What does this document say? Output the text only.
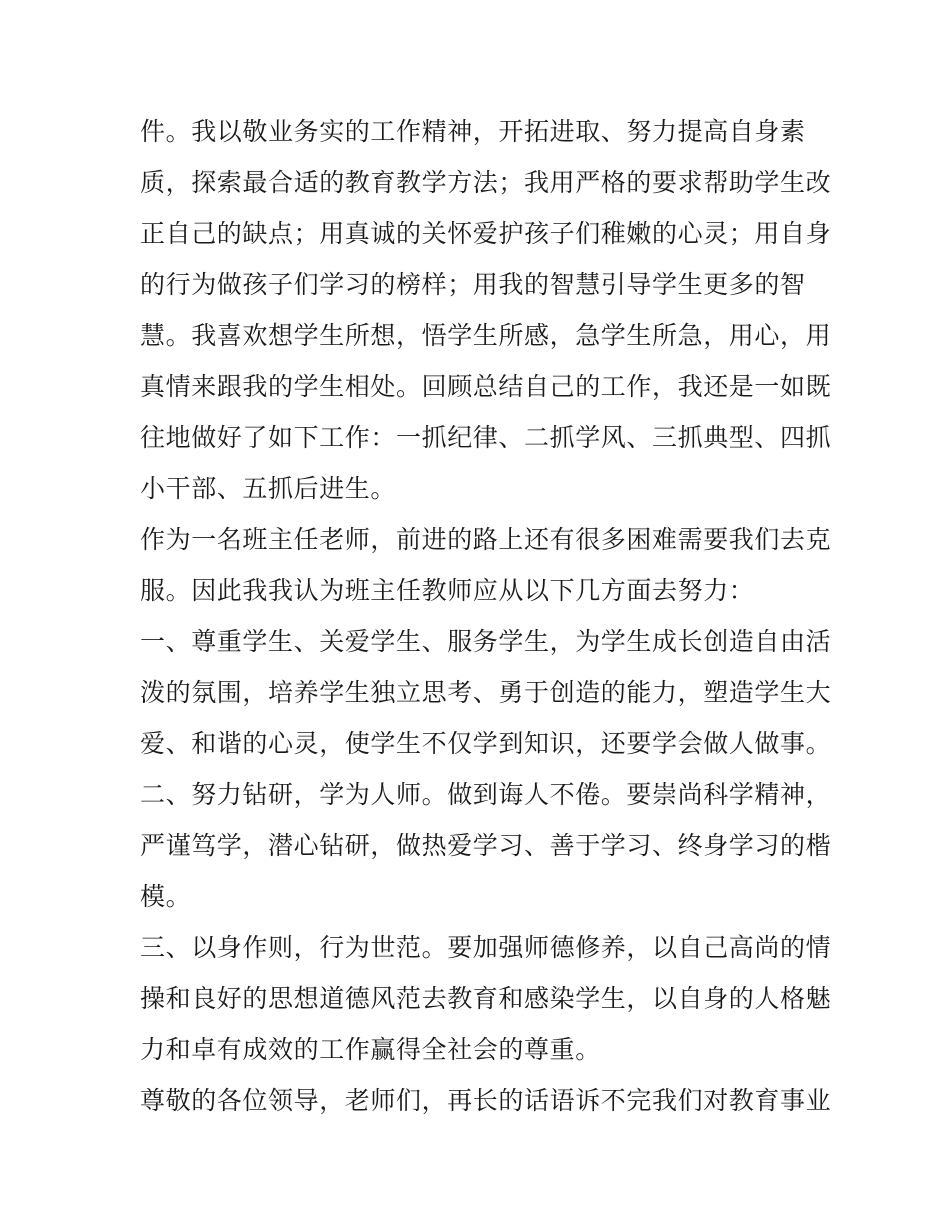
件。我以敬业务实的工作精神，开拓进取、努力提高自身素
质，探索最合适的教育教学方法；我用严格的要求帮助学生改
正自己的缺点；用真诚的关怀爱护孩子们稚嫩的心灵；用自身
的行为做孩子们学习的榜样；用我的智慧引导学生更多的智
慧。我喜欢想学生所想，悟学生所感，急学生所急，用心，用
真情来跟我的学生相处。回顾总结自己的工作，我还是一如既
往地做好了如下工作：一抓纪律、二抓学风、三抓典型、四抓
小干部、五抓后进生。
作为一名班主任老师，前进的路上还有很多困难需要我们去克
服。因此我我认为班主任教师应从以下几方面去努力：
一、尊重学生、关爱学生、服务学生，为学生成长创造自由活
泼的氛围，培养学生独立思考、勇于创造的能力，塑造学生大
爱、和谐的心灵，使学生不仅学到知识，还要学会做人做事。
二、努力钻研，学为人师。做到诲人不倦。要崇尚科学精神，
严谨笃学，潜心钻研，做热爱学习、善于学习、终身学习的楷
模。
三、以身作则，行为世范。要加强师德修养，以自己高尚的情
操和良好的思想道德风范去教育和感染学生，以自身的人格魅
力和卓有成效的工作赢得全社会的尊重。
尊敬的各位领导，老师们，再长的话语诉不完我们对教育事业
